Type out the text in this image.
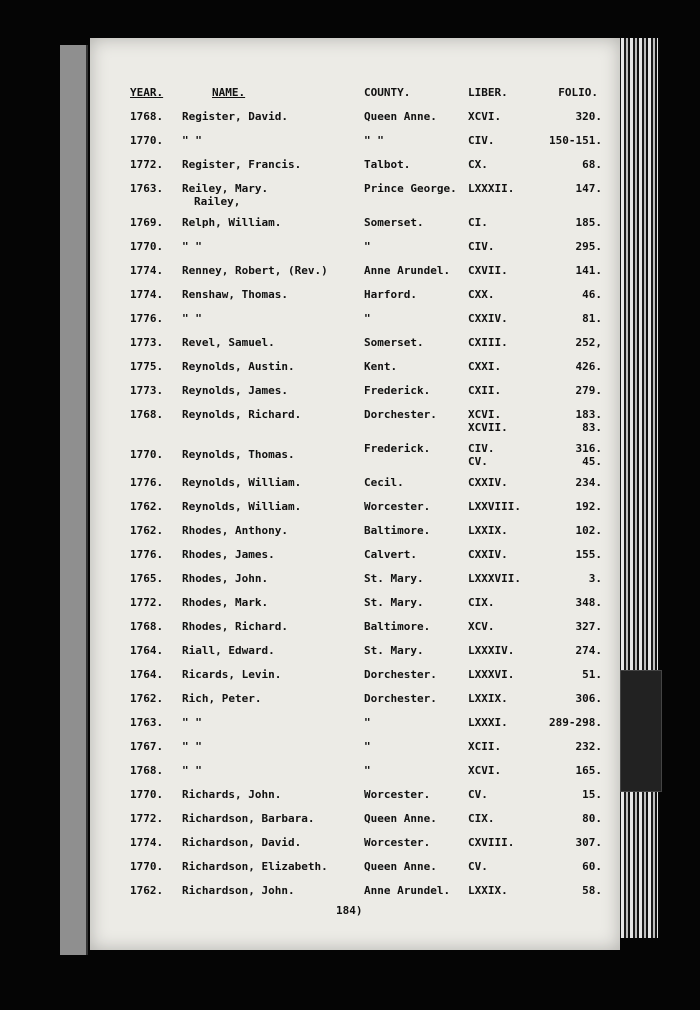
YEAR.	NAME.	COUNTY.	LIBER.	FOLIO.
1768. Register, David.	Queen Anne.	XCVI.	320.
1770. " "	" "	CIV.	150-151.
1772. Register, Francis.	Talbot.	CX.	68.
1763. Reiley, Mary.	Prince George. LXXXII.	147.
Railey,
1769. Relph, William.	Somerset.	CI.	185.
1770. " "	"	CIV.	295.
1774. Renney, Robert, (Rev.)	Anne Arundel. CXVII.	141.
1774. Renshaw, Thomas.	Harford.	CXX.	46.
1776. " "	"	CXXIV.	81.
1773. Revel, Samuel.	Somerset.	CXIII.	252,
1775. Reynolds, Austin.	Kent.	CXXI.	426.
1773. Reynolds, James.	Frederick.	CXII.	279.
1768. Reynolds, Richard.	Dorchester.	XCVI.	183.
XCVII.	83.
1770. Reynolds, Thomas.	Frederick.	CIV.	316.
CV.	45.
1776. Reynolds, William.	Cecil.	CXXIV.	234.
1762. Reynolds, William.	Worcester.	LXXVIII.	192.
1762. Rhodes, Anthony.	Baltimore.	LXXIX.	102.
1776. Rhodes, James.	Calvert.	CXXIV.	155.
1765. Rhodes, John.	St. Mary.	LXXXVII.	3.
1772. Rhodes, Mark.	St. Mary.	CIX.	348.
1768. Rhodes, Richard.	Baltimore.	XCV.	327.
1764. Riall, Edward.	St. Mary.	LXXXIV.	274.
1764. Ricards, Levin.	Dorchester.	LXXXVI.	51.
1762. Rich, Peter.	Dorchester.	LXXIX.	306.
1763. " "	"	LXXXI.	289-298.
1767. " "	"	XCII.	232.
1768. " "	"	XCVI.	165.
1770. Richards, John.	Worcester.	CV.	15.
1772. Richardson, Barbara.	Queen Anne.	CIX.	80.
1774. Richardson, David.	Worcester.	CXVIII.	307.
1770. Richardson, Elizabeth.	Queen Anne.	CV.	60.
1762. Richardson, John.	Anne Arundel. LXXIX.	58.
184)
